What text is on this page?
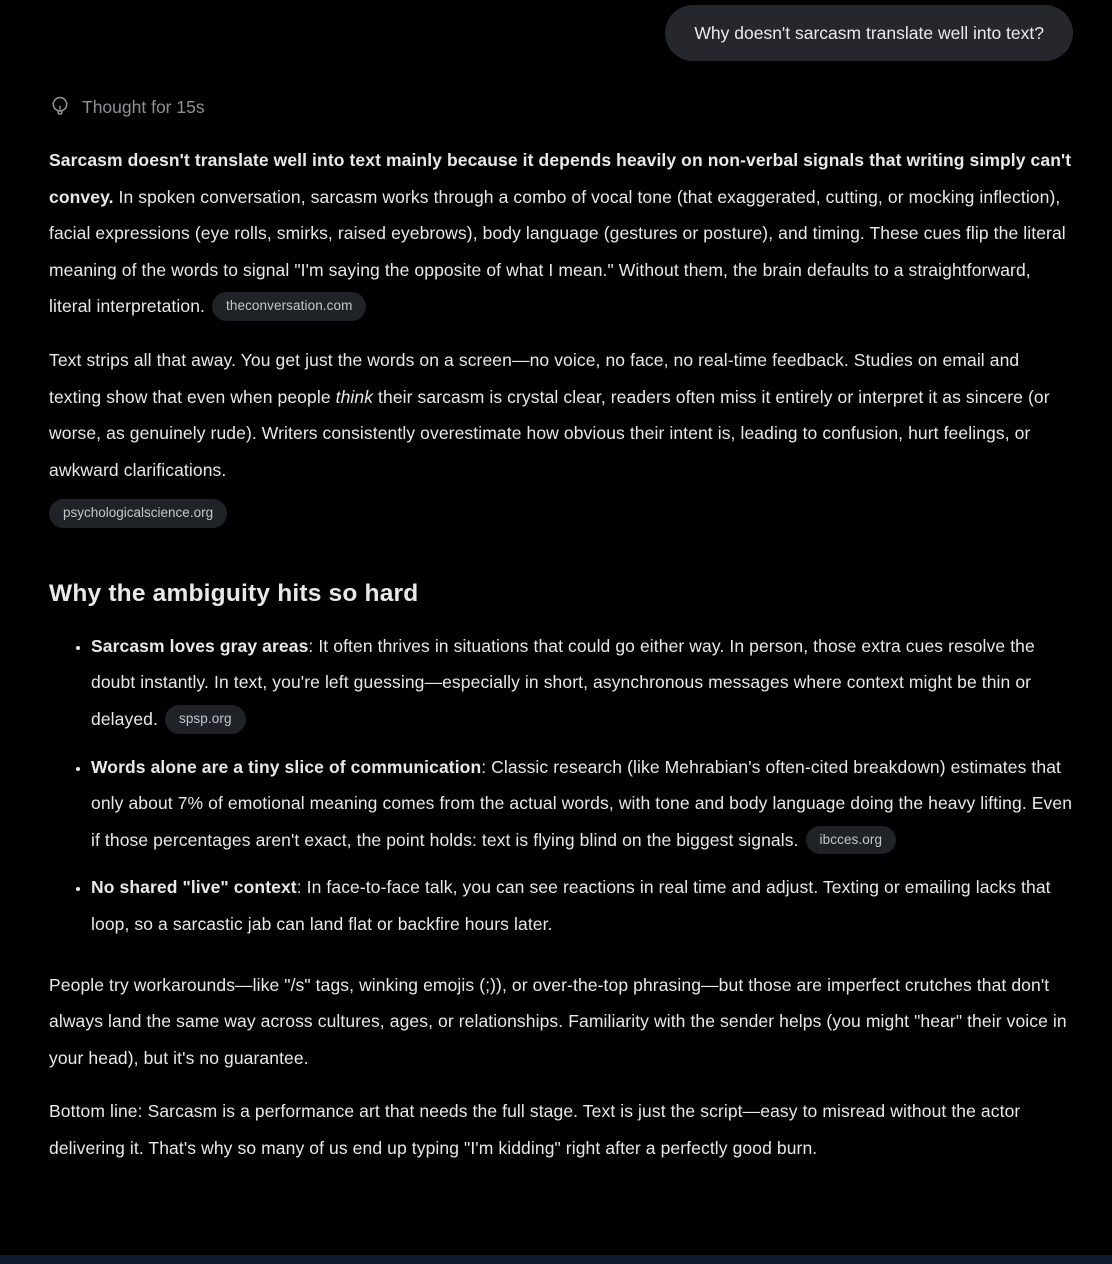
Why doesn't sarcasm translate well into text?
Thought for 15s

Sarcasm doesn't translate well into text mainly because it depends heavily on non-verbal signals that writing simply can't convey. In spoken conversation, sarcasm works through a combo of vocal tone (that exaggerated, cutting, or mocking inflection), facial expressions (eye rolls, smirks, raised eyebrows), body language (gestures or posture), and timing. These cues flip the literal meaning of the words to signal "I'm saying the opposite of what I mean." Without them, the brain defaults to a straightforward, literal interpretation. theconversation.com

Text strips all that away. You get just the words on a screen—no voice, no face, no real-time feedback. Studies on email and texting show that even when people think their sarcasm is crystal clear, readers often miss it entirely or interpret it as sincere (or worse, as genuinely rude). Writers consistently overestimate how obvious their intent is, leading to confusion, hurt feelings, or awkward clarifications.

psychologicalscience.org
Why the ambiguity hits so hard
• Sarcasm loves gray areas: It often thrives in situations that could go either way. In person, those extra cues resolve the doubt instantly. In text, you're left guessing—especially in short, asynchronous messages where context might be thin or delayed. spsp.org
• Words alone are a tiny slice of communication: Classic research (like Mehrabian's often-cited breakdown) estimates that only about 7% of emotional meaning comes from the actual words, with tone and body language doing the heavy lifting. Even if those percentages aren't exact, the point holds: text is flying blind on the biggest signals. ibcces.org
• No shared "live" context: In face-to-face talk, you can see reactions in real time and adjust. Texting or emailing lacks that loop, so a sarcastic jab can land flat or backfire hours later.

People try workarounds—like "/s" tags, winking emojis (;)), or over-the-top phrasing—but those are imperfect crutches that don't always land the same way across cultures, ages, or relationships. Familiarity with the sender helps (you might "hear" their voice in your head), but it's no guarantee.

Bottom line: Sarcasm is a performance art that needs the full stage. Text is just the script—easy to misread without the actor delivering it. That's why so many of us end up typing "I'm kidding" right after a perfectly good burn.
